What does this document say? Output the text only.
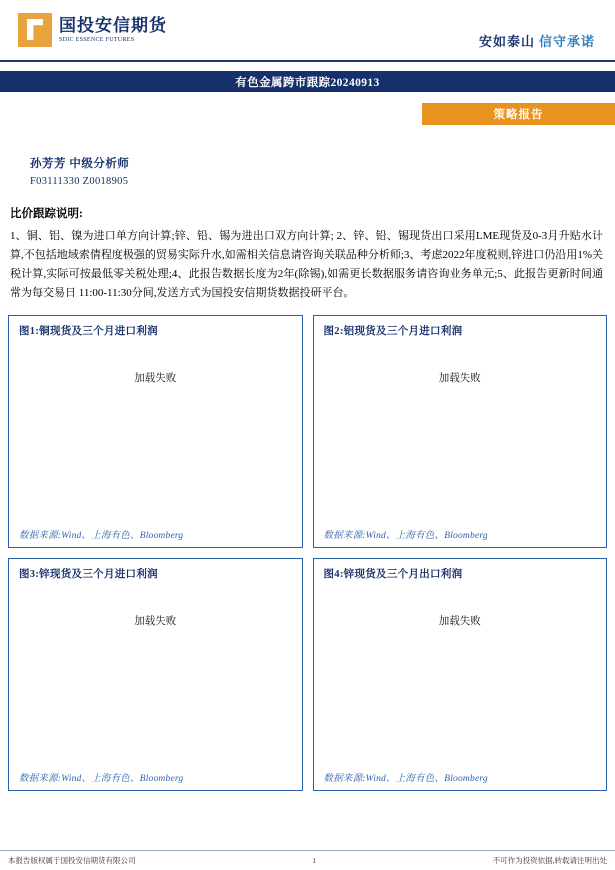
国投安信期货
SDIC ESSENCE FUTURES	安如泰山 信守承诺
有色金属跨市跟踪20240913
策略报告
孙芳芳 中级分析师
F03111330 Z0018905
比价跟踪说明:
1、铜、铝、镍为进口单方向计算;锌、铅、锡为进出口双方向计算; 2、锌、铅、锡现货出口采用LME现货及0-3月升贴水计算,不包括地域索倩程度极强的贸易实际升水,如需相关信息请咨询关联品种分析师;3、考虑2022年度税则,锌进口仍沿用1%关税计算,实际可按最低零关税处理;4、此报告数据长度为2年(除锡),如需更长数据服务请咨询业务单元;5、此报告更新时间通常为每交易日 11:00-11:30分间,发送方式为国投安信期货数据投研平台。
图1:铜现货及三个月进口利润
加载失败
数据来源:Wind、上海有色、Bloomberg
图2:铝现货及三个月进口利润
加载失败
数据来源:Wind、上海有色、Bloomberg
图3:锌现货及三个月进口利润
加载失败
数据来源:Wind、上海有色、Bloomberg
图4:锌现货及三个月出口利润
加载失败
数据来源:Wind、上海有色、Bloomberg
本报告版权属于国投安信期货有限公司	1	不可作为投资依据,转载请注明出处
